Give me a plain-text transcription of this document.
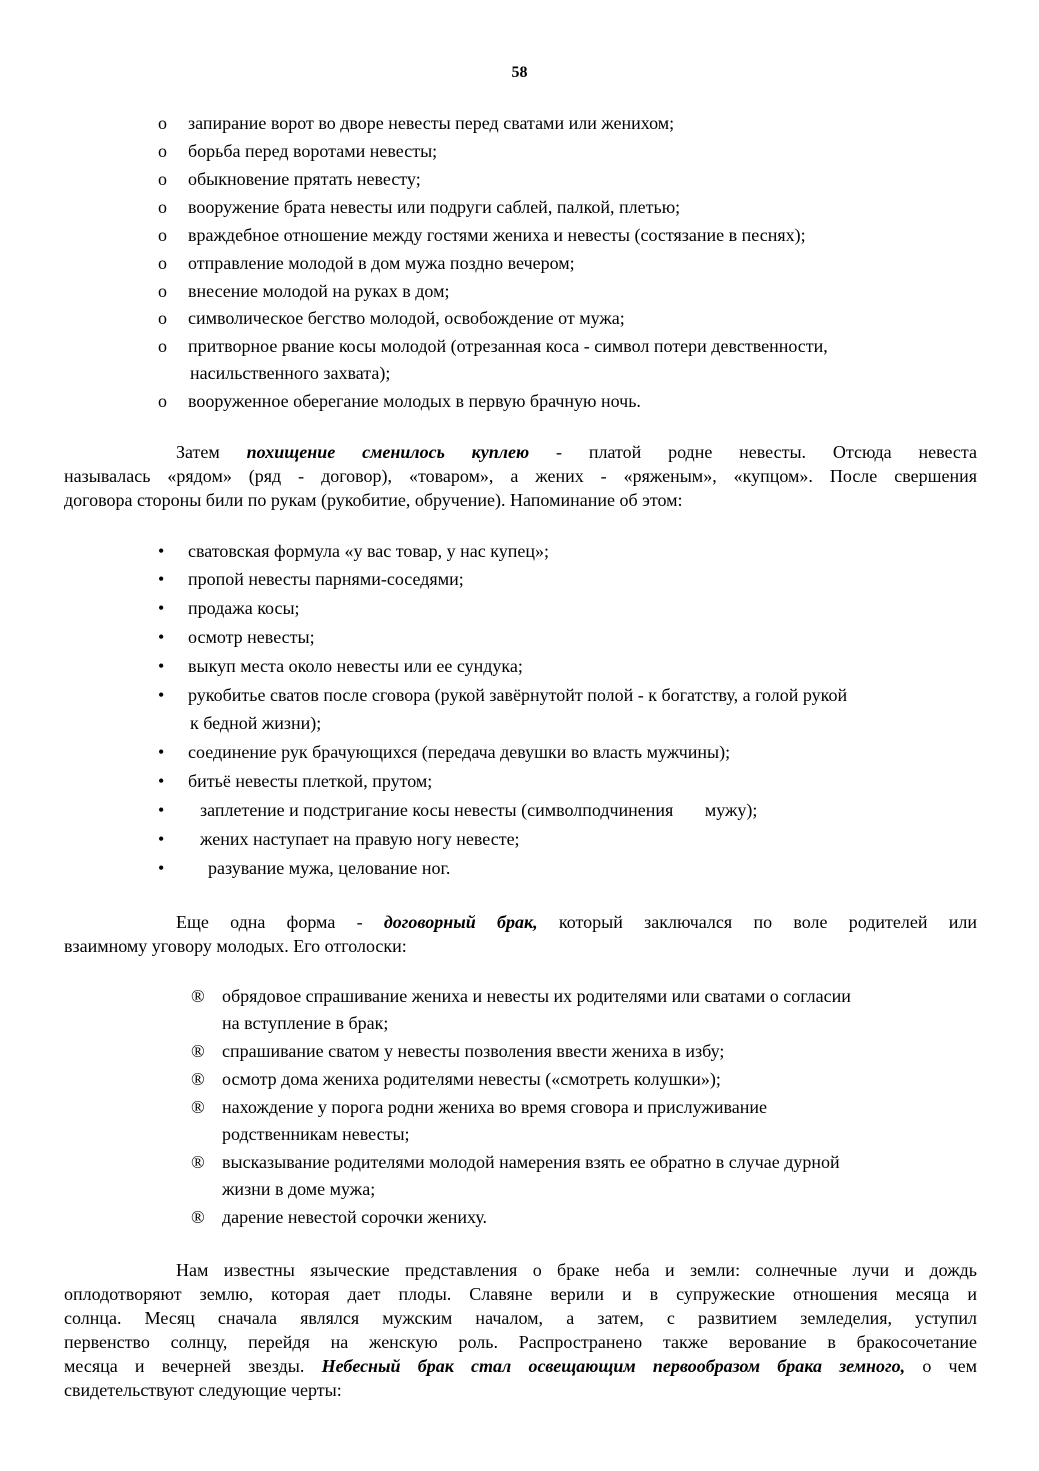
58
o запирание ворот во дворе невесты перед сватами или женихом;
o борьба перед воротами невесты;
o обыкновение прятать невесту;
o вооружение брата невесты или подруги саблей, палкой, плетью;
o враждебное отношение между гостями жениха и невесты (состязание в песнях);
o отправление молодой в дом мужа поздно вечером;
o внесение молодой на руках в дом;
o символическое бегство молодой, освобождение от мужа;
o притворное рвание косы молодой (отрезанная коса - символ потери девственности,
насильственного захвата);
o вооруженное оберегание молодых в первую брачную ночь.
Затем похищение сменилось куплею - платой родне невесты. Отсюда невеста
называлась «рядом» (ряд - договор), «товаром», а жених - «ряженым», «купцом». После свершения
договора стороны били по рукам (рукобитие, обручение). Напоминание об этом:
• сватовская формула «у вас товар, у нас купец»;
• пропой невесты парнями-соседями;
• продажа косы;
• осмотр невесты;
• выкуп места около невесты или ее сундука;
• рукобитье сватов после сговора (рукой завёрнутойт полой - к богатству, а голой рукой
к бедной жизни);
• соединение рук брачующихся (передача девушки во власть мужчины);
• битьё невесты плеткой, прутом;
• заплетение и подстригание косы невесты (символподчинения       мужу);
• жених наступает на правую ногу невесте;
• разувание мужа, целование ног.
Еще одна форма - договорный брак, который заключался по воле родителей или
взаимному уговору молодых. Его отголоски:
® обрядовое спрашивание жениха и невесты их родителями или сватами о согласии
на вступление в брак;
® спрашивание сватом у невесты позволения ввести жениха в избу;
® осмотр дома жениха родителями невесты («смотреть колушки»);
® нахождение у порога родни жениха во время сговора и прислуживание
родственникам невесты;
® высказывание родителями молодой намерения взять ее обратно в случае дурной
жизни в доме мужа;
® дарение невестой сорочки жениху.
Нам известны языческие представления о браке неба и земли: солнечные лучи и дождь
оплодотворяют землю, которая дает плоды. Славяне верили и в супружеские отношения месяца и
солнца. Месяц сначала являлся мужским началом, а затем, с развитием земледелия, уступил
первенство солнцу, перейдя на женскую роль. Распространено также верование в бракосочетание
месяца и вечерней звезды. Небесный брак стал освещающим первообразом брака земного, о чем
свидетельствуют следующие черты:
